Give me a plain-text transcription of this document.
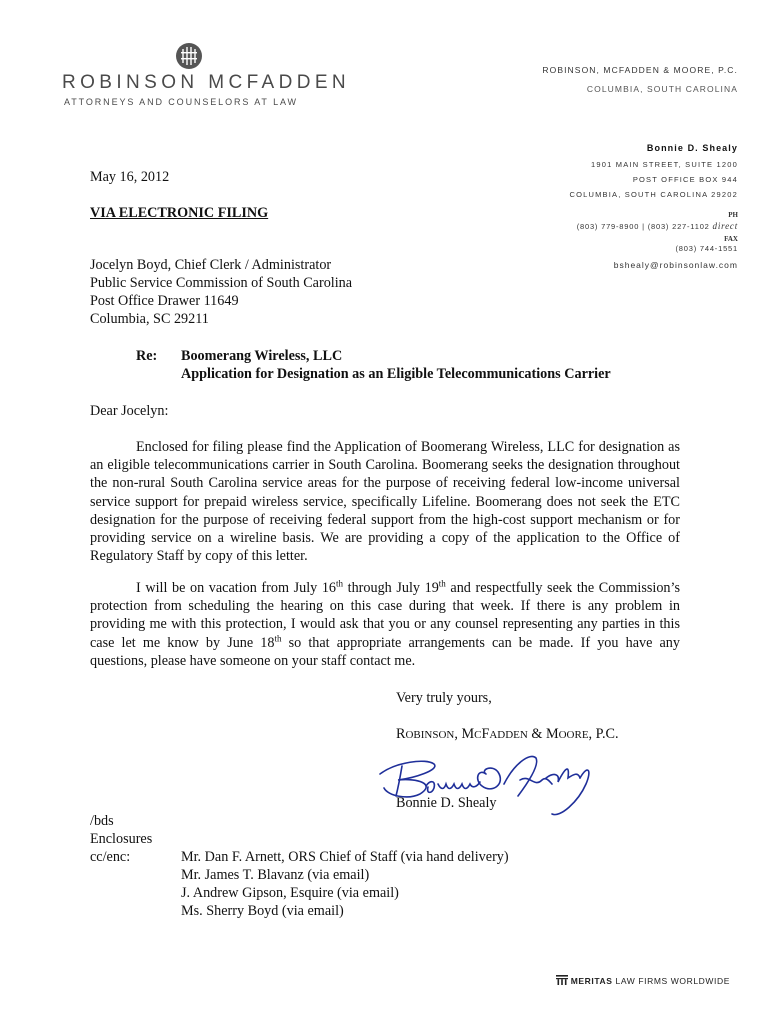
ROBINSON MCFADDEN
ATTORNEYS AND COUNSELORS AT LAW
ROBINSON, MCFADDEN & MOORE, P.C.
COLUMBIA, SOUTH CAROLINA
Bonnie D. Shealy
1901 MAIN STREET, SUITE 1200
POST OFFICE BOX 944
COLUMBIA, SOUTH CAROLINA 29202
PH
(803) 779-8900 | (803) 227-1102 direct
FAX
(803) 744-1551
bshealy@robinsonlaw.com
May 16, 2012
VIA ELECTRONIC FILING
Jocelyn Boyd, Chief Clerk / Administrator
Public Service Commission of South Carolina
Post Office Drawer 11649
Columbia, SC 29211
Re: Boomerang Wireless, LLC
Application for Designation as an Eligible Telecommunications Carrier
Dear Jocelyn:
Enclosed for filing please find the Application of Boomerang Wireless, LLC for designation as an eligible telecommunications carrier in South Carolina. Boomerang seeks the designation throughout the non-rural South Carolina service areas for the purpose of receiving federal low-income universal service support for prepaid wireless service, specifically Lifeline. Boomerang does not seek the ETC designation for the purpose of receiving federal support from the high-cost support mechanism or for providing service on a wireline basis. We are providing a copy of the application to the Office of Regulatory Staff by copy of this letter.
I will be on vacation from July 16th through July 19th and respectfully seek the Commission’s protection from scheduling the hearing on this case during that week. If there is any problem in providing me with this protection, I would ask that you or any counsel representing any parties in this case let me know by June 18th so that appropriate arrangements can be made. If you have any questions, please have someone on your staff contact me.
Very truly yours,
ROBINSON, MCFADDEN & MOORE, P.C.
Bonnie D. Shealy
/bds
Enclosures
cc/enc:	Mr. Dan F. Arnett, ORS Chief of Staff (via hand delivery)
Mr. James T. Blavanz (via email)
J. Andrew Gipson, Esquire (via email)
Ms. Sherry Boyd (via email)
MERITAS LAW FIRMS WORLDWIDE
